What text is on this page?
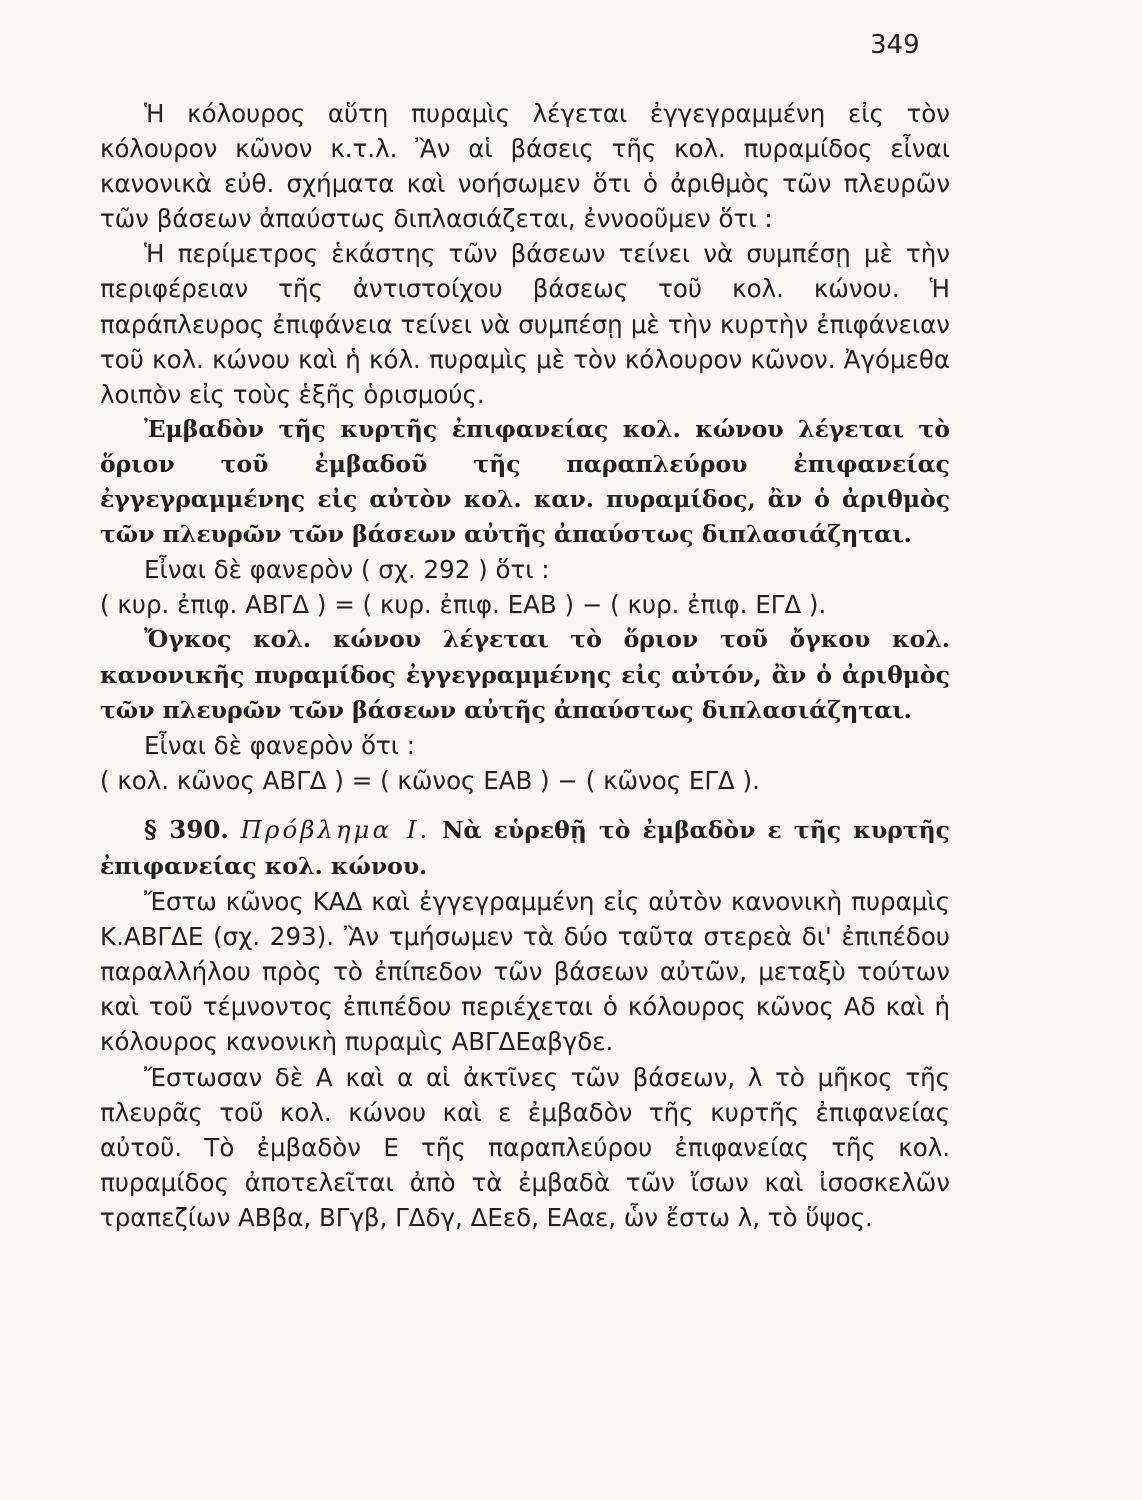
349

Ἡ κόλουρος αὕτη πυραμὶς λέγεται ἐγγεγραμμένη εἰς τὸν κόλουρον κῶνον κ.τ.λ. Ἂν αἱ βάσεις τῆς κολ. πυραμίδος εἶναι κανονικὰ εὐθ. σχήματα καὶ νοήσωμεν ὅτι ὁ ἀριθμὸς τῶν πλευρῶν τῶν βάσεων ἀπαύστως διπλασιάζεται, ἐννοοῦμεν ὅτι :

Ἡ περίμετρος ἑκάστης τῶν βάσεων τείνει νὰ συμπέσῃ μὲ τὴν περιφέρειαν τῆς ἀντιστοίχου βάσεως τοῦ κολ. κώνου. Ἡ παράπλευρος ἐπιφάνεια τείνει νὰ συμπέσῃ μὲ τὴν κυρτὴν ἐπιφάνειαν τοῦ κολ. κώνου καὶ ἡ κόλ. πυραμὶς μὲ τὸν κόλουρον κῶνον. Ἀγόμεθα λοιπὸν εἰς τοὺς ἑξῆς ὁρισμούς.

Ἐμβαδὸν τῆς κυρτῆς ἐπιφανείας κολ. κώνου λέγεται τὸ ὅριον τοῦ ἐμβαδοῦ τῆς παραπλεύρου ἐπιφανείας ἐγγεγραμμένης εἰς αὐτὸν κολ. καν. πυραμίδος, ἂν ὁ ἀριθμὸς τῶν πλευρῶν τῶν βάσεων αὐτῆς ἀπαύστως διπλασιάζηται.

Εἶναι δὲ φανερὸν ( σχ. 292 ) ὅτι :

( κυρ. ἐπιφ. ΑΒΓΔ ) = ( κυρ. ἐπιφ. ΕΑΒ ) − ( κυρ. ἐπιφ. ΕΓΔ ).

Ὄγκος κολ. κώνου λέγεται τὸ ὅριον τοῦ ὄγκου κολ. κανονικῆς πυραμίδος ἐγγεγραμμένης εἰς αὐτόν, ἂν ὁ ἀριθμὸς τῶν πλευρῶν τῶν βάσεων αὐτῆς ἀπαύστως διπλασιάζηται.

Εἶναι δὲ φανερὸν ὅτι :

( κολ. κῶνος ΑΒΓΔ ) = ( κῶνος ΕΑΒ ) − ( κῶνος ΕΓΔ ).

§ 390. Πρόβλημα Ι. Νὰ εὑρεθῇ τὸ ἐμβαδὸν ε τῆς κυρτῆς ἐπιφανείας κολ. κώνου.

Ἔστω κῶνος ΚΑΔ καὶ ἐγγεγραμμένη εἰς αὐτὸν κανονικὴ πυραμὶς Κ.ΑΒΓΔΕ (σχ. 293). Ἂν τμήσωμεν τὰ δύο ταῦτα στερεὰ δι' ἐπιπέδου παραλλήλου πρὸς τὸ ἐπίπεδον τῶν βάσεων αὐτῶν, μεταξὺ τούτων καὶ τοῦ τέμνοντος ἐπιπέδου περιέχεται ὁ κόλουρος κῶνος Αδ καὶ ἡ κόλουρος κανονικὴ πυραμὶς ΑΒΓΔΕαβγδε.

Ἔστωσαν δὲ Α καὶ α αἱ ἀκτῖνες τῶν βάσεων, λ τὸ μῆκος τῆς πλευρᾶς τοῦ κολ. κώνου καὶ ε ἐμβαδὸν τῆς κυρτῆς ἐπιφανείας αὐτοῦ. Τὸ ἐμβαδὸν Ε τῆς παραπλεύρου ἐπιφανείας τῆς κολ. πυραμίδος ἀποτελεῖται ἀπὸ τὰ ἐμβαδὰ τῶν ἴσων καὶ ἰσοσκελῶν τραπεζίων ΑΒβα, ΒΓγβ, ΓΔδγ, ΔΕεδ, ΕΑαε, ὧν ἔστω λ, τὸ ὕψος.
